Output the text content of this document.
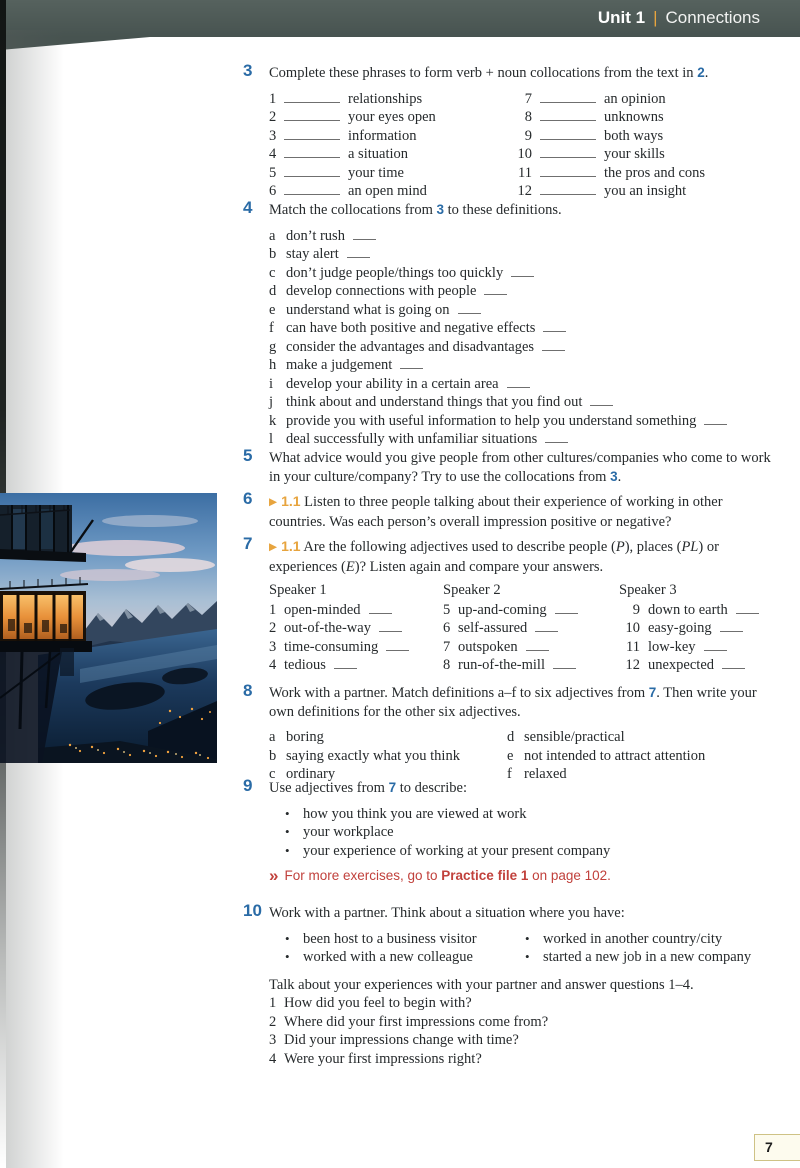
Unit 1 | Connections
3 Complete these phrases to form verb + noun collocations from the text in 2.
1	relationships
2	your eyes open
3	information
4	a situation
5	your time
6	an open mind
7	an opinion
8	unknowns
9	both ways
10	your skills
11	the pros and cons
12	you an insight
4 Match the collocations from 3 to these definitions.
a don’t rush
b stay alert
c don’t judge people/things too quickly
d develop connections with people
e understand what is going on
f can have both positive and negative effects
g consider the advantages and disadvantages
h make a judgement
i develop your ability in a certain area
j think about and understand things that you find out
k provide you with useful information to help you understand something
l deal successfully with unfamiliar situations
5 What advice would you give people from other cultures/companies who come to work in your culture/company? Try to use the collocations from 3.
6 ▶ 1.1 Listen to three people talking about their experience of working in other countries. Was each person’s overall impression positive or negative?
7 ▶ 1.1 Are the following adjectives used to describe people (P), places (PL) or experiences (E)? Listen again and compare your answers.
Speaker 1
1 open-minded
2 out-of-the-way
3 time-consuming
4 tedious
Speaker 2
5 up-and-coming
6 self-assured
7 outspoken
8 run-of-the-mill
Speaker 3
9 down to earth
10 easy-going
11 low-key
12 unexpected
8 Work with a partner. Match definitions a–f to six adjectives from 7. Then write your own definitions for the other six adjectives.
a boring
b saying exactly what you think
c ordinary
d sensible/practical
e not intended to attract attention
f relaxed
9 Use adjectives from 7 to describe:
• how you think you are viewed at work
• your workplace
• your experience of working at your present company
» For more exercises, go to Practice file 1 on page 102.
10 Work with a partner. Think about a situation where you have:
• been host to a business visitor
• worked with a new colleague
• worked in another country/city
• started a new job in a new company
Talk about your experiences with your partner and answer questions 1–4.
1 How did you feel to begin with?
2 Where did your first impressions come from?
3 Did your impressions change with time?
4 Were your first impressions right?
7
